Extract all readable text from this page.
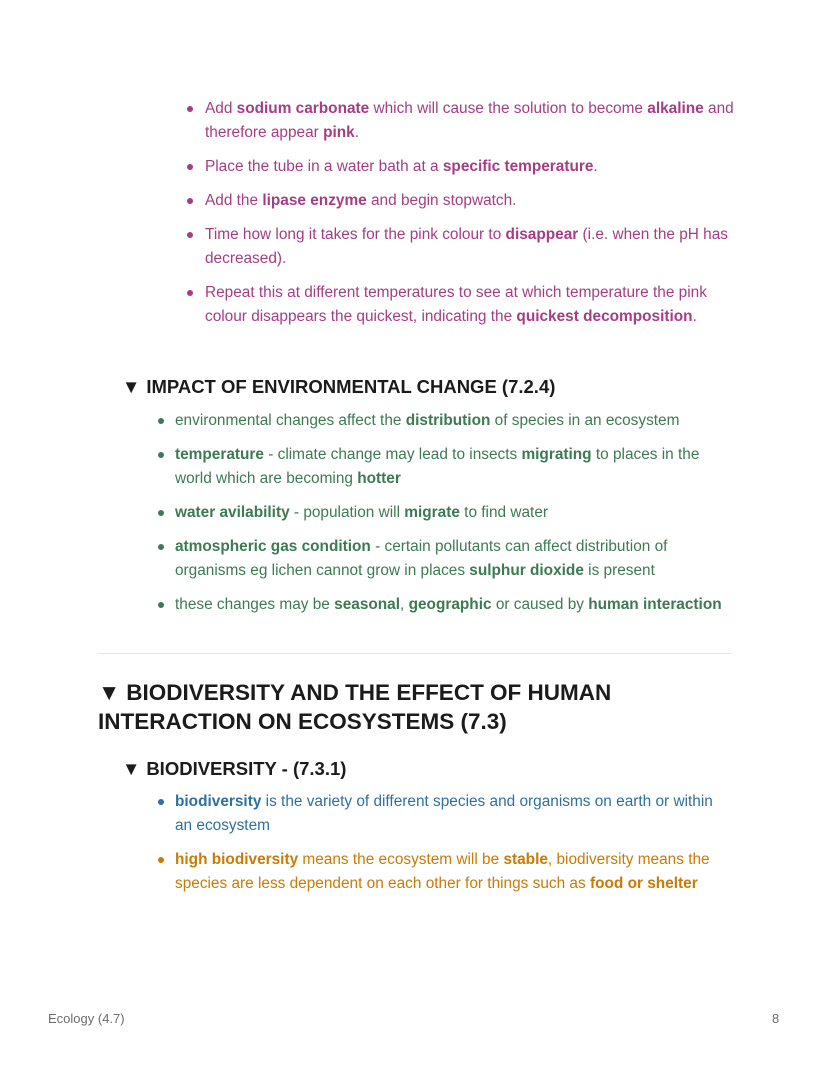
Add sodium carbonate which will cause the solution to become alkaline and therefore appear pink.
Place the tube in a water bath at a specific temperature.
Add the lipase enzyme and begin stopwatch.
Time how long it takes for the pink colour to disappear (i.e. when the pH has decreased).
Repeat this at different temperatures to see at which temperature the pink colour disappears the quickest, indicating the quickest decomposition.
▼ IMPACT OF ENVIRONMENTAL CHANGE (7.2.4)
environmental changes affect the distribution of species in an ecosystem
temperature - climate change may lead to insects migrating to places in the world which are becoming hotter
water avilability - population will migrate to find water
atmospheric gas condition - certain pollutants can affect distribution of organisms eg lichen cannot grow in places sulphur dioxide is present
these changes may be seasonal, geographic or caused by human interaction
▼ BIODIVERSITY AND THE EFFECT OF HUMAN INTERACTION ON ECOSYSTEMS (7.3)
▼ BIODIVERSITY - (7.3.1)
biodiversity is the variety of different species and organisms on earth or within an ecosystem
high biodiversity means the ecosystem will be stable, biodiversity means the species are less dependent on each other for things such as food or shelter
Ecology (4.7)	8
